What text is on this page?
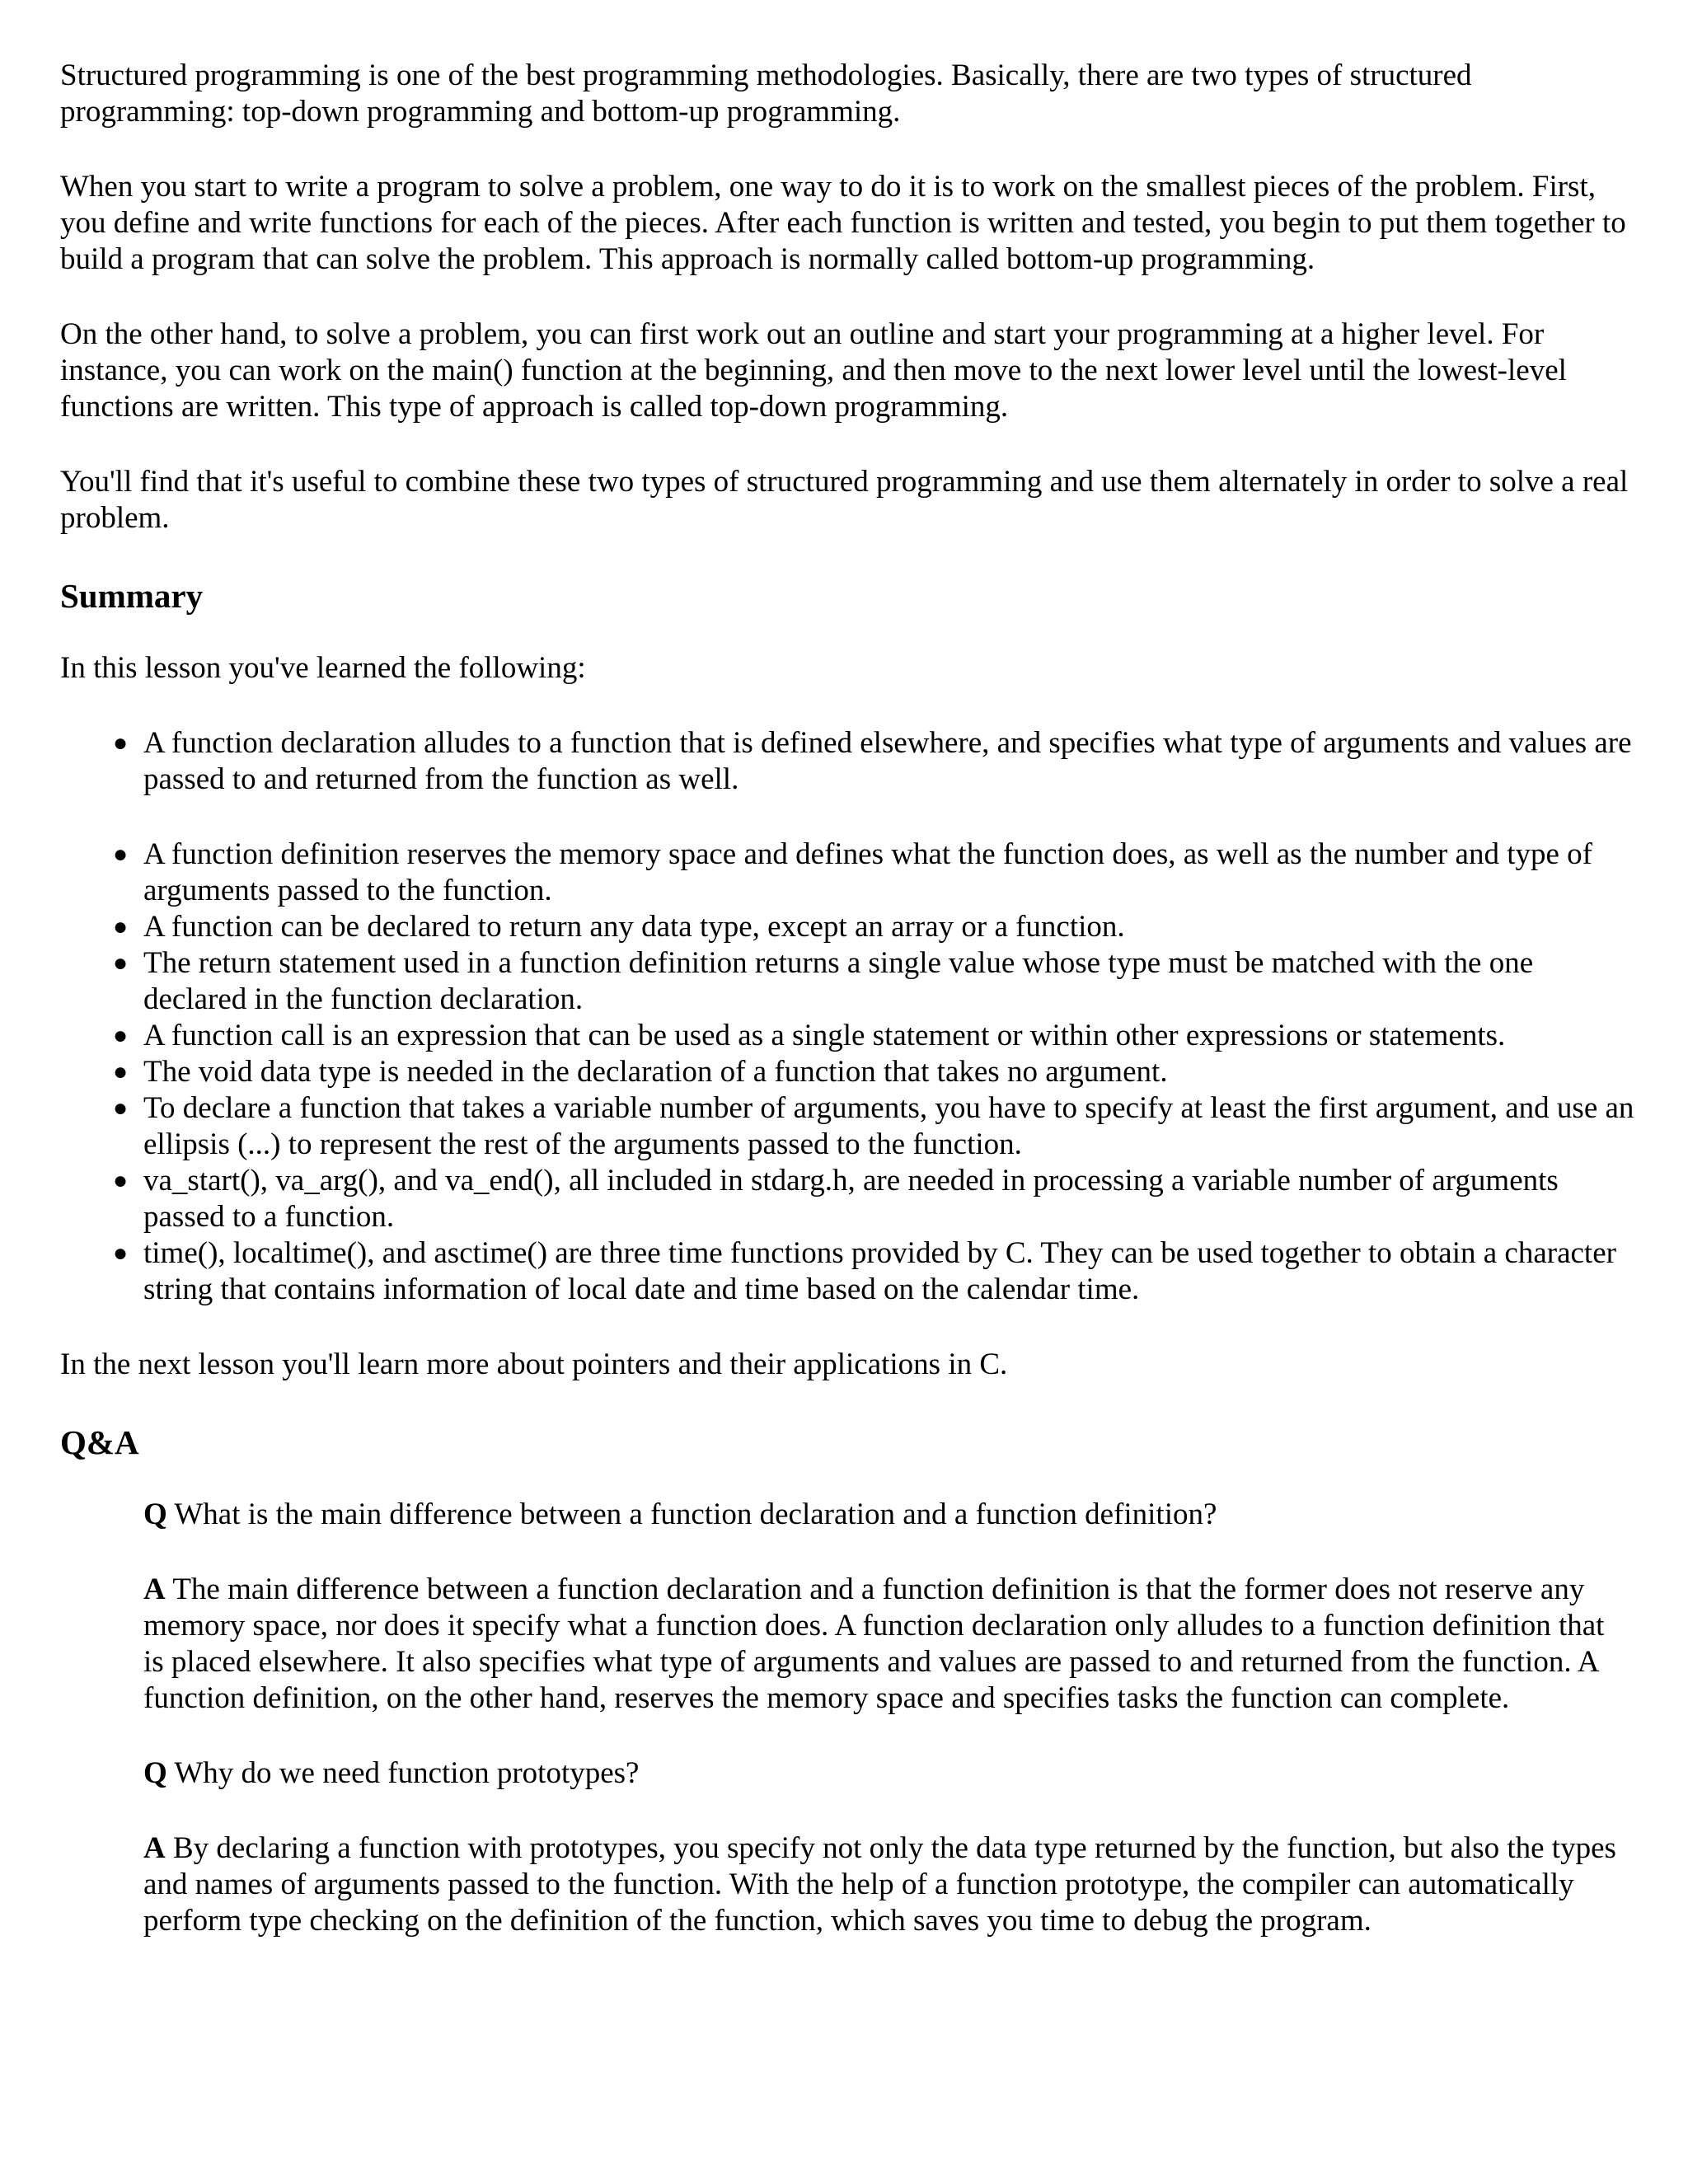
Structured programming is one of the best programming methodologies. Basically, there are two types of structured programming: top-down programming and bottom-up programming.

When you start to write a program to solve a problem, one way to do it is to work on the smallest pieces of the problem. First, you define and write functions for each of the pieces. After each function is written and tested, you begin to put them together to build a program that can solve the problem. This approach is normally called bottom-up programming.

On the other hand, to solve a problem, you can first work out an outline and start your programming at a higher level. For instance, you can work on the main() function at the beginning, and then move to the next lower level until the lowest-level functions are written. This type of approach is called top-down programming.

You'll find that it's useful to combine these two types of structured programming and use them alternately in order to solve a real problem.

Summary

In this lesson you've learned the following:

● A function declaration alludes to a function that is defined elsewhere, and specifies what type of arguments and values are passed to and returned from the function as well.
● A function definition reserves the memory space and defines what the function does, as well as the number and type of arguments passed to the function.
● A function can be declared to return any data type, except an array or a function.
● The return statement used in a function definition returns a single value whose type must be matched with the one declared in the function declaration.
● A function call is an expression that can be used as a single statement or within other expressions or statements.
● The void data type is needed in the declaration of a function that takes no argument.
● To declare a function that takes a variable number of arguments, you have to specify at least the first argument, and use an ellipsis (...) to represent the rest of the arguments passed to the function.
● va_start(), va_arg(), and va_end(), all included in stdarg.h, are needed in processing a variable number of arguments passed to a function.
● time(), localtime(), and asctime() are three time functions provided by C. They can be used together to obtain a character string that contains information of local date and time based on the calendar time.

In the next lesson you'll learn more about pointers and their applications in C.

Q&A

Q What is the main difference between a function declaration and a function definition?

A The main difference between a function declaration and a function definition is that the former does not reserve any memory space, nor does it specify what a function does. A function declaration only alludes to a function definition that is placed elsewhere. It also specifies what type of arguments and values are passed to and returned from the function. A function definition, on the other hand, reserves the memory space and specifies tasks the function can complete.

Q Why do we need function prototypes?

A By declaring a function with prototypes, you specify not only the data type returned by the function, but also the types and names of arguments passed to the function. With the help of a function prototype, the compiler can automatically perform type checking on the definition of the function, which saves you time to debug the program.
